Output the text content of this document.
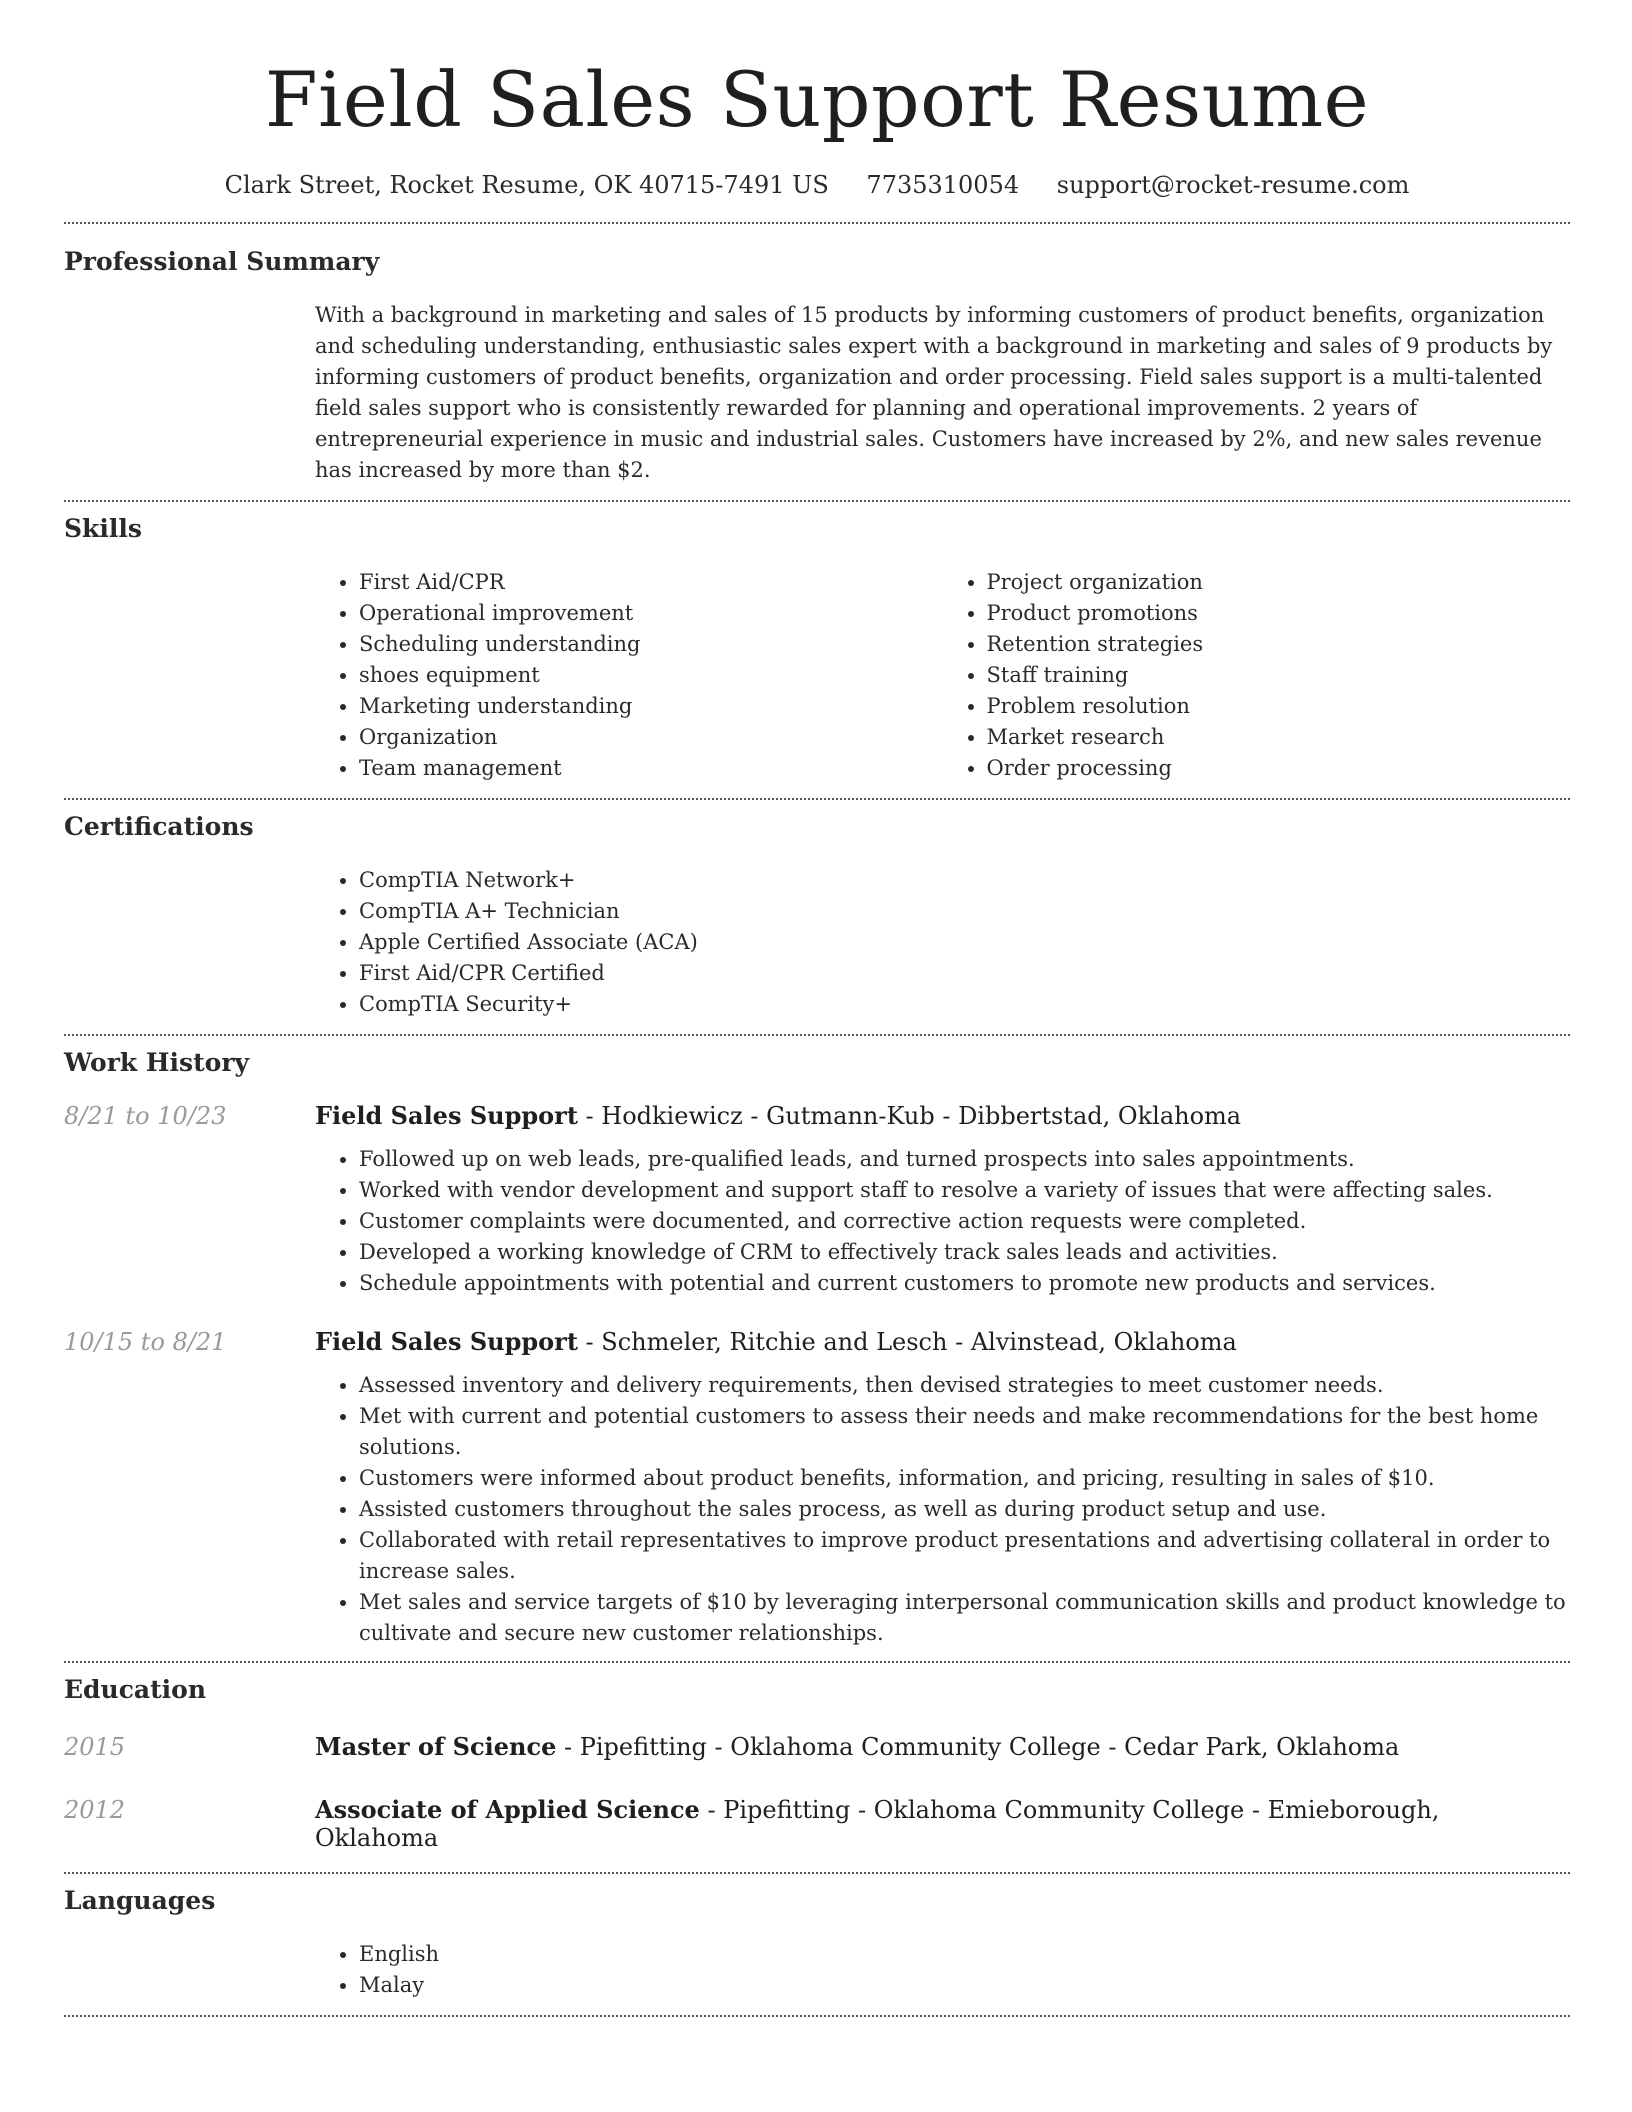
Field Sales Support Resume
Clark Street, Rocket Resume, OK 40715-7491 US 7735310054 support@rocket-resume.com
Professional Summary
With a background in marketing and sales of 15 products by informing customers of product benefits, organization and scheduling understanding, enthusiastic sales expert with a background in marketing and sales of 9 products by informing customers of product benefits, organization and order processing. Field sales support is a multi-talented field sales support who is consistently rewarded for planning and operational improvements. 2 years of entrepreneurial experience in music and industrial sales. Customers have increased by 2%, and new sales revenue has increased by more than $2.
Skills
• First Aid/CPR
• Operational improvement
• Scheduling understanding
• shoes equipment
• Marketing understanding
• Organization
• Team management
• Project organization
• Product promotions
• Retention strategies
• Staff training
• Problem resolution
• Market research
• Order processing
Certifications
• CompTIA Network+
• CompTIA A+ Technician
• Apple Certified Associate (ACA)
• First Aid/CPR Certified
• CompTIA Security+
Work History
8/21 to 10/23	Field Sales Support - Hodkiewicz - Gutmann-Kub - Dibbertstad, Oklahoma
• Followed up on web leads, pre-qualified leads, and turned prospects into sales appointments.
• Worked with vendor development and support staff to resolve a variety of issues that were affecting sales.
• Customer complaints were documented, and corrective action requests were completed.
• Developed a working knowledge of CRM to effectively track sales leads and activities.
• Schedule appointments with potential and current customers to promote new products and services.
10/15 to 8/21	Field Sales Support - Schmeler, Ritchie and Lesch - Alvinstead, Oklahoma
• Assessed inventory and delivery requirements, then devised strategies to meet customer needs.
• Met with current and potential customers to assess their needs and make recommendations for the best home solutions.
• Customers were informed about product benefits, information, and pricing, resulting in sales of $10.
• Assisted customers throughout the sales process, as well as during product setup and use.
• Collaborated with retail representatives to improve product presentations and advertising collateral in order to increase sales.
• Met sales and service targets of $10 by leveraging interpersonal communication skills and product knowledge to cultivate and secure new customer relationships.
Education
2015	Master of Science - Pipefitting - Oklahoma Community College - Cedar Park, Oklahoma
2012	Associate of Applied Science - Pipefitting - Oklahoma Community College - Emieborough, Oklahoma
Languages
• English
• Malay
